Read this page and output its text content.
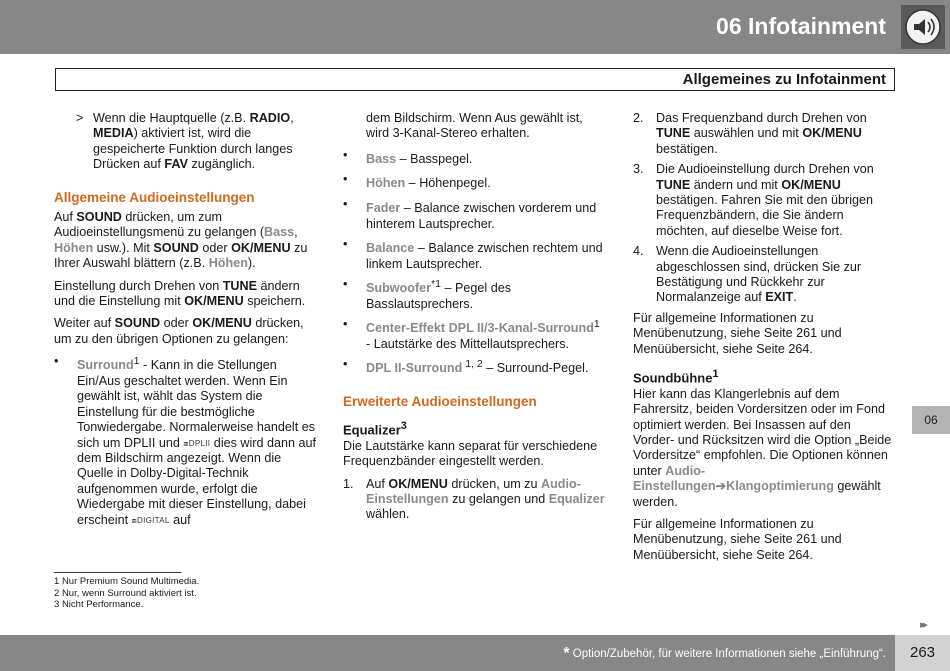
06 Infotainment
Allgemeines zu Infotainment
> Wenn die Hauptquelle (z.B. RADIO, MEDIA) aktiviert ist, wird die gespeicherte Funktion durch langes Drücken auf FAV zugänglich.
Allgemeine Audioeinstellungen

Auf SOUND drücken, um zum Audioeinstellungsmenü zu gelangen (Bass, Höhen usw.). Mit SOUND oder OK/MENU zu Ihrer Auswahl blättern (z.B. Höhen).

Einstellung durch Drehen von TUNE ändern und die Einstellung mit OK/MENU speichern.

Weiter auf SOUND oder OK/MENU drücken, um zu den übrigen Optionen zu gelangen:

• Surround$^1$ - Kann in die Stellungen Ein/Aus geschaltet werden. Wenn Ein gewählt ist, wählt das System die Einstellung für die bestmögliche Tonwiedergabe. Normalerweise handelt es sich um DPLII und ⧈DPLII dies wird dann auf dem Bildschirm angezeigt. Wenn die Quelle in Dolby-Digital-Technik aufgenommen wurde, erfolgt die Wiedergabe mit dieser Einstellung, dabei erscheint ⧈DIGITAL auf
dem Bildschirm. Wenn Aus gewählt ist, wird 3-Kanal-Stereo erhalten.
• Bass – Basspegel.
• Höhen – Höhenpegel.
• Fader – Balance zwischen vorderem und hinterem Lautsprecher.
• Balance – Balance zwischen rechtem und linkem Lautsprecher.
• Subwoofer$^{*1}$ – Pegel des Basslautsprechers.
• Center-Effekt DPL II/3-Kanal-Surround$^1$ - Lautstärke des Mittellautsprechers.
• DPL II-Surround $^{1, 2}$ – Surround-Pegel.
Erweiterte Audioeinstellungen
Equalizer$^3$

Die Lautstärke kann separat für verschiedene Frequenzbänder eingestellt werden.

1. Auf OK/MENU drücken, um zu Audio-Einstellungen zu gelangen und Equalizer wählen.
2. Das Frequenzband durch Drehen von TUNE auswählen und mit OK/MENU bestätigen.
3. Die Audioeinstellung durch Drehen von TUNE ändern und mit OK/MENU bestätigen. Fahren Sie mit den übrigen Frequenzbändern, die Sie ändern möchten, auf dieselbe Weise fort.
4. Wenn die Audioeinstellungen abgeschlossen sind, drücken Sie zur Bestätigung und Rückkehr zur Normalanzeige auf EXIT.

Für allgemeine Informationen zu Menübenutzung, siehe Seite 261 und Menüübersicht, siehe Seite 264.

Soundbühne$^1$

Hier kann das Klangerlebnis auf dem Fahrersitz, beiden Vordersitzen oder im Fond optimiert werden. Bei Insassen auf den Vorder- und Rücksitzen wird die Option „Beide Vordersitze“ empfohlen. Die Optionen können unter Audio-Einstellungen➔Klangoptimierung gewählt werden.

Für allgemeine Informationen zu Menübenutzung, siehe Seite 261 und Menüübersicht, siehe Seite 264.

06
1 Nur Premium Sound Multimedia.
2 Nur, wenn Surround aktiviert ist.
3 Nicht Performance.
▸▸
* Option/Zubehör, für weitere Informationen siehe „Einführung“.	263
